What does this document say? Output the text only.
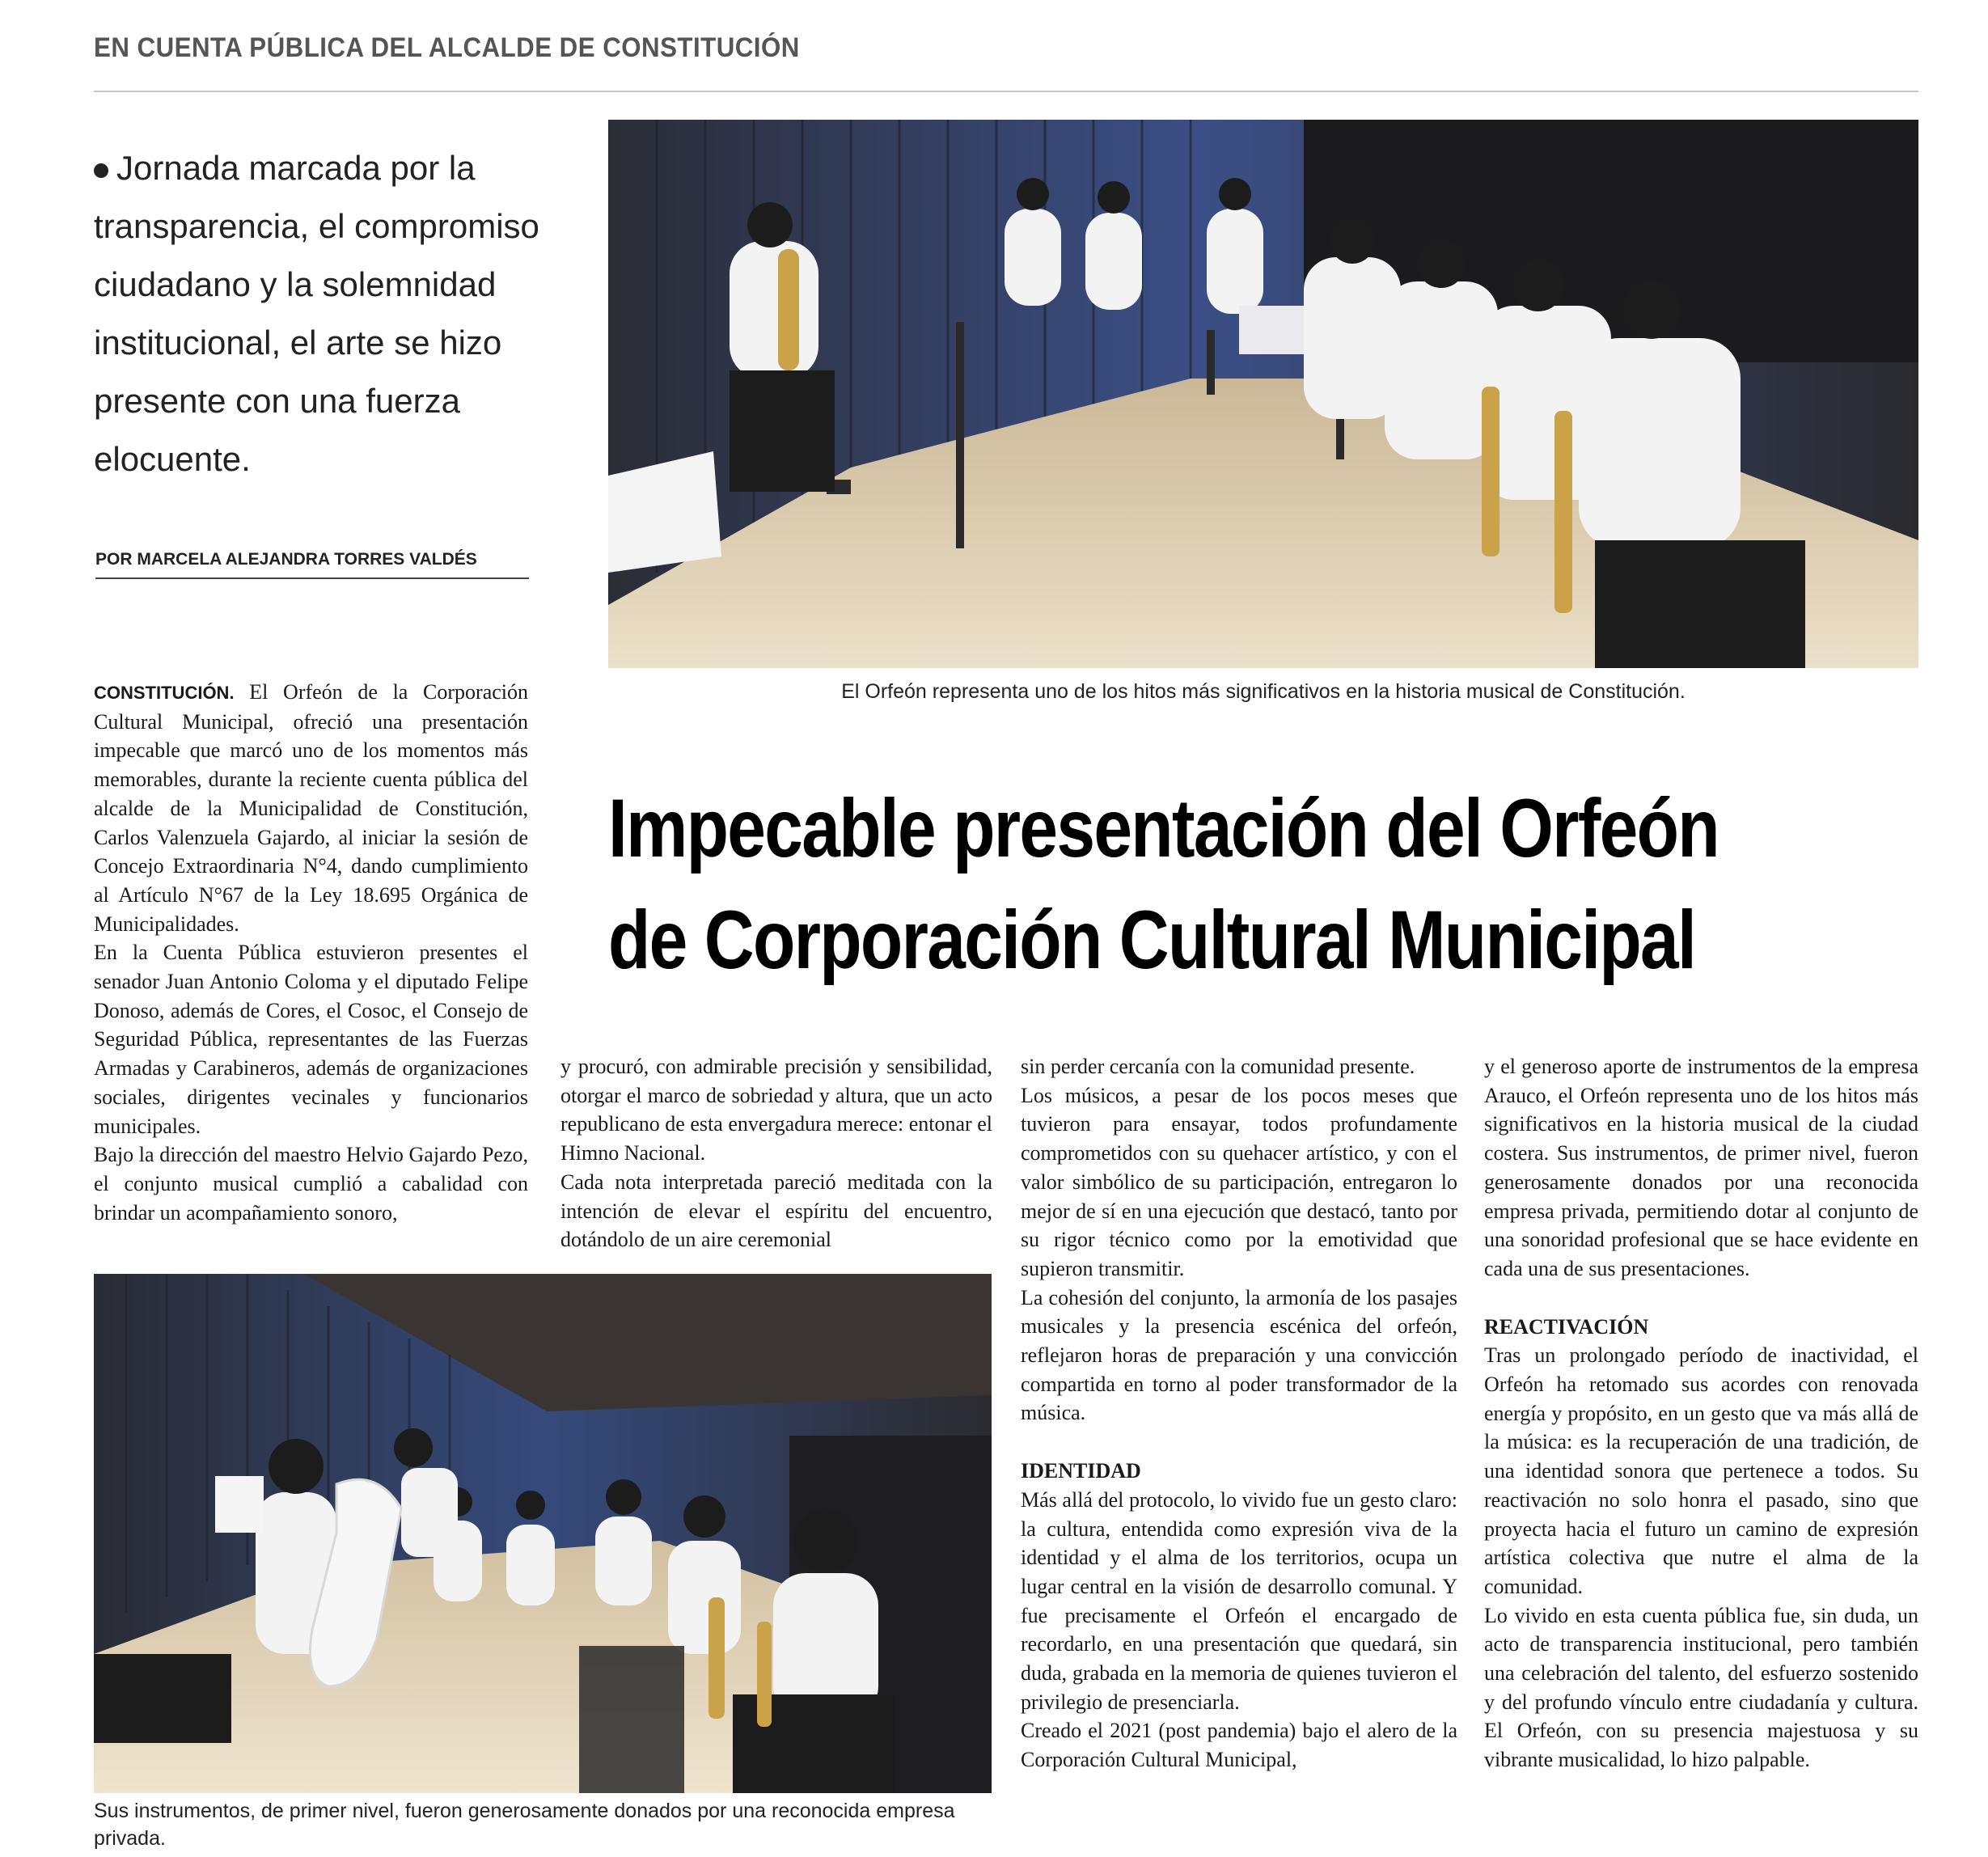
EN CUENTA PÚBLICA DEL ALCALDE DE CONSTITUCIÓN
Jornada marcada por la transparencia, el compromiso ciudadano y la solemnidad institucional, el arte se hizo presente con una fuerza elocuente.
POR MARCELA ALEJANDRA TORRES VALDÉS
El Orfeón representa uno de los hitos más significativos en la historia musical de Constitución.
Impecable presentación del Orfeón
de Corporación Cultural Municipal

CONSTITUCIÓN. El Orfeón de la Corporación Cultural Municipal, ofreció una presentación impecable que marcó uno de los momentos más memorables, durante la reciente cuenta pública del alcalde de la Municipalidad de Constitución, Carlos Valenzuela Gajardo, al iniciar la sesión de Concejo Extraordinaria N°4, dando cumplimiento al Artículo N°67 de la Ley 18.695 Orgánica de Municipalidades.

En la Cuenta Pública estuvieron presentes el senador Juan Antonio Coloma y el diputado Felipe Donoso, además de Cores, el Cosoc, el Consejo de Seguridad Pública, representantes de las Fuerzas Armadas y Carabineros, además de organizaciones sociales, dirigentes vecinales y funcionarios municipales.

Bajo la dirección del maestro Helvio Gajardo Pezo, el conjunto musical cumplió a cabalidad con brindar un acompañamiento sonoro,

y procuró, con admirable precisión y sensibilidad, otorgar el marco de sobriedad y altura, que un acto republicano de esta envergadura merece: entonar el Himno Nacional.

Cada nota interpretada pareció meditada con la intención de elevar el espíritu del encuentro, dotándolo de un aire ceremonial

sin perder cercanía con la comunidad presente.

Los músicos, a pesar de los pocos meses que tuvieron para ensayar, todos profundamente comprometidos con su quehacer artístico, y con el valor simbólico de su participación, entregaron lo mejor de sí en una ejecución que destacó, tanto por su rigor técnico como por la emotividad que supieron transmitir.

La cohesión del conjunto, la armonía de los pasajes musicales y la presencia escénica del orfeón, reflejaron horas de preparación y una convicción compartida en torno al poder transformador de la música.

IDENTIDAD

Más allá del protocolo, lo vivido fue un gesto claro: la cultura, entendida como expresión viva de la identidad y el alma de los territorios, ocupa un lugar central en la visión de desarrollo comunal. Y fue precisamente el Orfeón el encargado de recordarlo, en una presentación que quedará, sin duda, grabada en la memoria de quienes tuvieron el privilegio de presenciarla.

Creado el 2021 (post pandemia) bajo el alero de la Corporación Cultural Municipal,

y el generoso aporte de instrumentos de la empresa Arauco, el Orfeón representa uno de los hitos más significativos en la historia musical de la ciudad costera. Sus instrumentos, de primer nivel, fueron generosamente donados por una reconocida empresa privada, permitiendo dotar al conjunto de una sonoridad profesional que se hace evidente en cada una de sus presentaciones.

REACTIVACIÓN

Tras un prolongado período de inactividad, el Orfeón ha retomado sus acordes con renovada energía y propósito, en un gesto que va más allá de la música: es la recuperación de una tradición, de una identidad sonora que pertenece a todos. Su reactivación no solo honra el pasado, sino que proyecta hacia el futuro un camino de expresión artística colectiva que nutre el alma de la comunidad.

Lo vivido en esta cuenta pública fue, sin duda, un acto de transparencia institucional, pero también una celebración del talento, del esfuerzo sostenido y del profundo vínculo entre ciudadanía y cultura. El Orfeón, con su presencia majestuosa y su vibrante musicalidad, lo hizo palpable.

Sus instrumentos, de primer nivel, fueron generosamente donados por una reconocida empresa privada.
